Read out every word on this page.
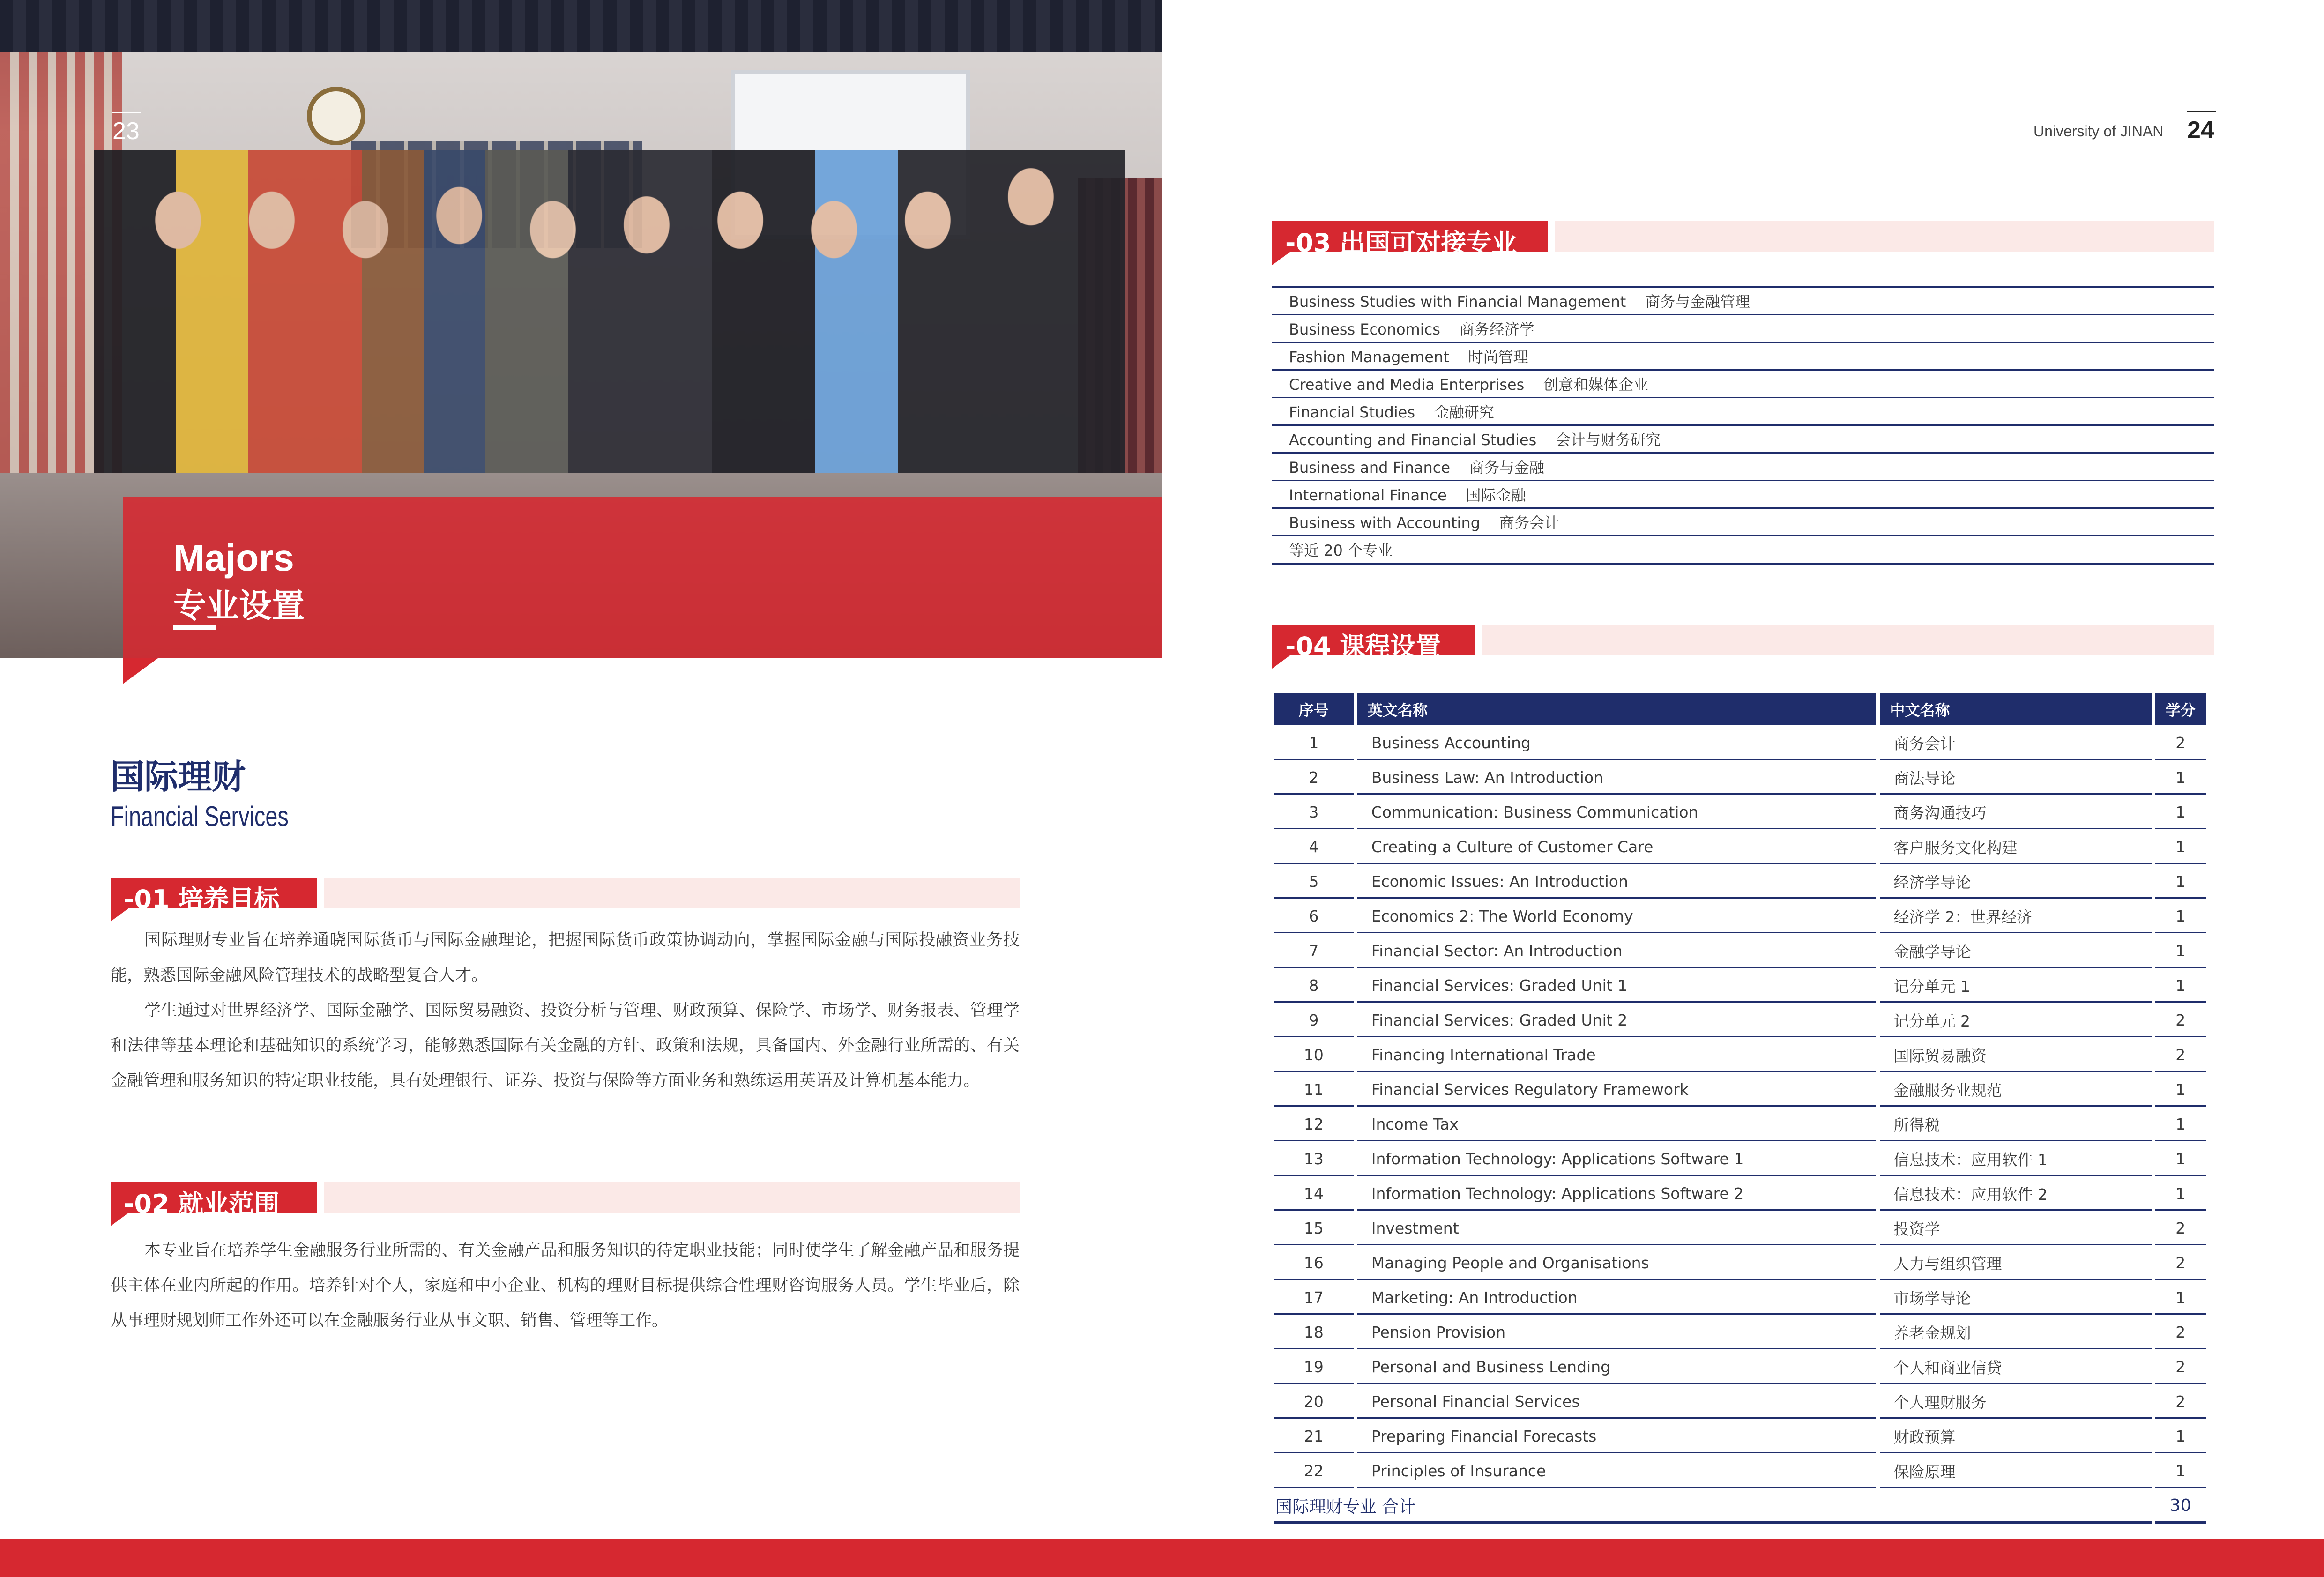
23
Majors
专业设置
国际理财
Financial Services
-01 培养目标

国际理财专业旨在培养通晓国际货币与国际金融理论，把握国际货币政策协调动向，掌握国际金融与国际投融资业务技能，熟悉国际金融风险管理技术的战略型复合人才。

学生通过对世界经济学、国际金融学、国际贸易融资、投资分析与管理、财政预算、保险学、市场学、财务报表、管理学和法律等基本理论和基础知识的系统学习，能够熟悉国际有关金融的方针、政策和法规，具备国内、外金融行业所需的、有关金融管理和服务知识的特定职业技能，具有处理银行、证券、投资与保险等方面业务和熟练运用英语及计算机基本能力。

-02 就业范围

本专业旨在培养学生金融服务行业所需的、有关金融产品和服务知识的待定职业技能；同时使学生了解金融产品和服务提供主体在业内所起的作用。培养针对个人，家庭和中小企业、机构的理财目标提供综合性理财咨询服务人员。学生毕业后，除从事理财规划师工作外还可以在金融服务行业从事文职、销售、管理等工作。

University of JINAN 24
-03 出国可对接专业
Business Studies with Financial Management    商务与金融管理
Business Economics    商务经济学
Fashion Management    时尚管理
Creative and Media Enterprises    创意和媒体企业
Financial Studies    金融研究
Accounting and Financial Studies    会计与财务研究
Business and Finance    商务与金融
International Finance    国际金融
Business with Accounting    商务会计
等近 20 个专业
-04 课程设置
序号	英文名称	中文名称	学分
1	Business Accounting	商务会计	2
2	Business Law: An Introduction	商法导论	1
3	Communication: Business Communication	商务沟通技巧	1
4	Creating a Culture of Customer Care	客户服务文化构建	1
5	Economic Issues: An Introduction	经济学导论	1
6	Economics 2: The World Economy	经济学 2：世界经济	1
7	Financial Sector: An Introduction	金融学导论	1
8	Financial Services: Graded Unit 1	记分单元 1	1
9	Financial Services: Graded Unit 2	记分单元 2	2
10	Financing International Trade	国际贸易融资	2
11	Financial Services Regulatory Framework	金融服务业规范	1
12	Income Tax	所得税	1
13	Information Technology: Applications Software 1	信息技术：应用软件 1	1
14	Information Technology: Applications Software 2	信息技术：应用软件 2	1
15	Investment	投资学	2
16	Managing People and Organisations	人力与组织管理	2
17	Marketing: An Introduction	市场学导论	1
18	Pension Provision	养老金规划	2
19	Personal and Business Lending	个人和商业信贷	2
20	Personal Financial Services	个人理财服务	2
21	Preparing Financial Forecasts	财政预算	1
22	Principles of Insurance	保险原理	1
国际理财专业 合计			30
